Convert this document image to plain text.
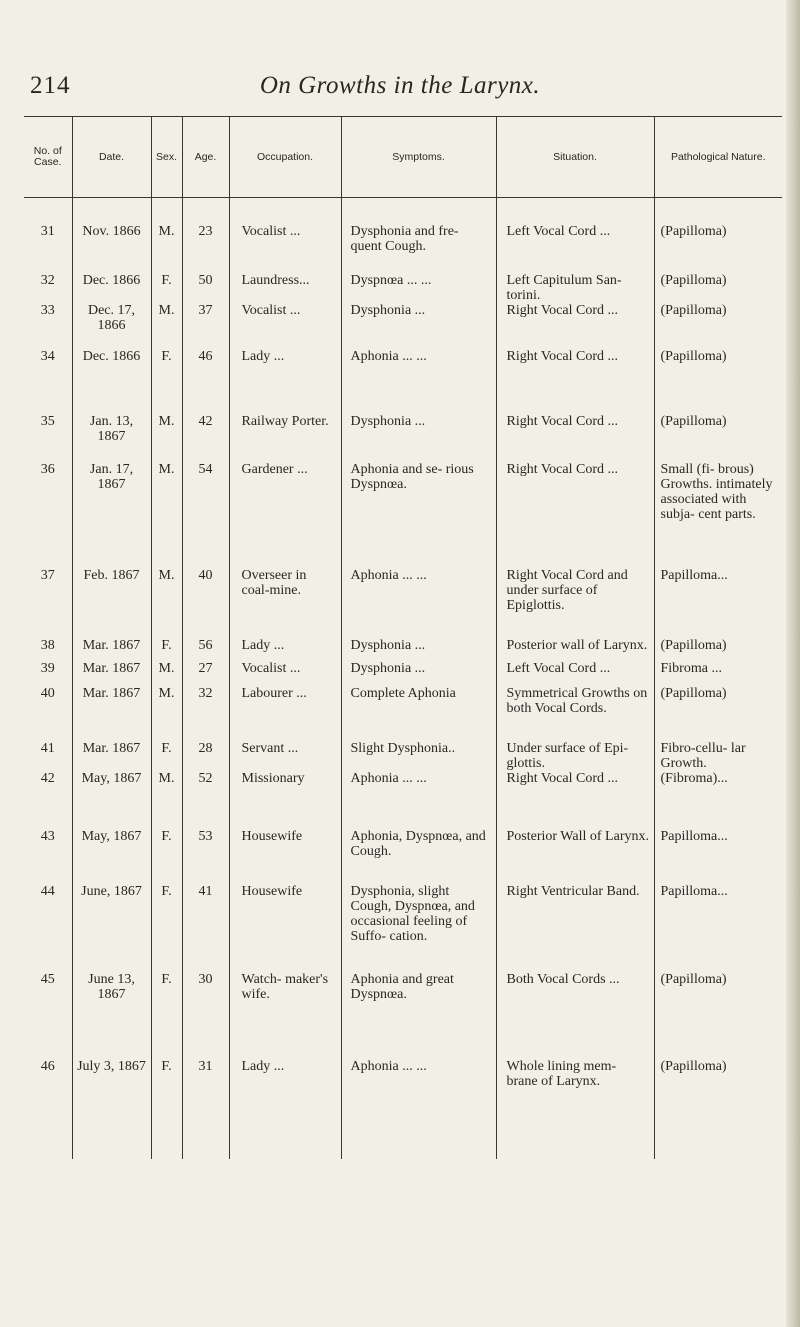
214	On Growths in the Larynx.
No. of Case.	Date.	Sex.	Age.	Occupation.	Symptoms.	Situation.	Pathological Nature.
31	Nov. 1866	M.	23	Vocalist ...	Dysphonia and fre- quent Cough.	Left Vocal Cord ...	(Papilloma)
32	Dec. 1866	F.	50	Laundress...	Dyspnœa ... ...	Left Capitulum San- torini.	(Papilloma)
33	Dec. 17, 1866	M.	37	Vocalist ...	Dysphonia ...	Right Vocal Cord ...	(Papilloma)
34	Dec. 1866	F.	46	Lady ...	Aphonia ... ...	Right Vocal Cord ...	(Papilloma)
35	Jan. 13, 1867	M.	42	Railway Porter.	Dysphonia ...	Right Vocal Cord ...	(Papilloma)
36	Jan. 17, 1867	M.	54	Gardener ...	Aphonia and se- rious Dyspnœa.	Right Vocal Cord ...	Small (fi- brous) Growths. intimately associated with subja- cent parts.
37	Feb. 1867	M.	40	Overseer in coal-mine.	Aphonia ... ...	Right Vocal Cord and under surface of Epiglottis.	Papilloma...
38	Mar. 1867	F.	56	Lady ...	Dysphonia ...	Posterior wall of Larynx.	(Papilloma)
39	Mar. 1867	M.	27	Vocalist ...	Dysphonia ...	Left Vocal Cord ...	Fibroma ...
40	Mar. 1867	M.	32	Labourer ...	Complete Aphonia	Symmetrical Growths on both Vocal Cords.	(Papilloma)
41	Mar. 1867	F.	28	Servant ...	Slight Dysphonia..	Under surface of Epi- glottis.	Fibro-cellu- lar Growth.
42	May, 1867	M.	52	Missionary	Aphonia ... ...	Right Vocal Cord ...	(Fibroma)...
43	May, 1867	F.	53	Housewife	Aphonia, Dyspnœa, and Cough.	Posterior Wall of Larynx.	Papilloma...
44	June, 1867	F.	41	Housewife	Dysphonia, slight Cough, Dyspnœa, and occasional feeling of Suffo- cation.	Right Ventricular Band.	Papilloma...
45	June 13, 1867	F.	30	Watch- maker's wife.	Aphonia and great Dyspnœa.	Both Vocal Cords ...	(Papilloma)
46	July 3, 1867	F.	31	Lady ...	Aphonia ... ...	Whole lining mem- brane of Larynx.	(Papilloma)
